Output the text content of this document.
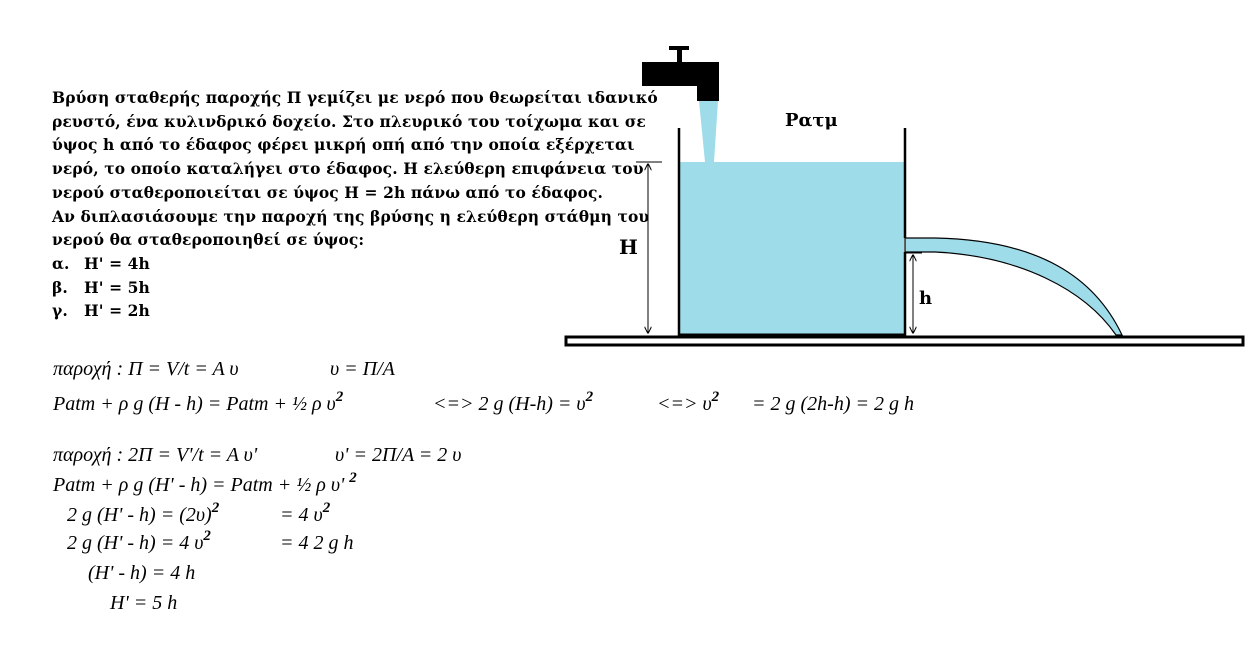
Βρύση σταθερής παροχής Π γεμίζει με νερό που θεωρείται ιδανικό
ρευστό, ένα κυλινδρικό δοχείο. Στο πλευρικό του τοίχωμα και σε
ύψος h από το έδαφος φέρει μικρή οπή από την οποία εξέρχεται
νερό, το οποίο καταλήγει στο έδαφος. Η ελεύθερη επιφάνεια του
νερού σταθεροποιείται σε ύψος Η = 2h πάνω από το έδαφος.
Αν διπλασιάσουμε την παροχή της βρύσης η ελεύθερη στάθμη του
νερού θα σταθεροποιηθεί σε ύψος:
α. Η' = 4h
β. Η' = 5h
γ. Η' = 2h
Η
h
Ρατμ
παροχή : Π = V/t = A υ	υ = Π/A
Patm + ρ g (H - h) = Patm + ½ ρ $\upsilon^2$	<=> 2 g $(H-h) = \upsilon^2$	<=> $\upsilon^2 = 2$ g (2h-h) = 2 g h
παροχή : 2Π = V'/t = A υ'	υ' = 2Π/A = 2 υ
Patm + ρ g (H' - h) = Patm + ½ ρ υ' $^2$
2 g $(H' - h) = (2\upsilon)^2$	= 4 $\upsilon^2$
2 g (H' - h) = 4 $\upsilon^2$	= 4 2 g h
(H' - h) = 4 h
H' = 5 h
